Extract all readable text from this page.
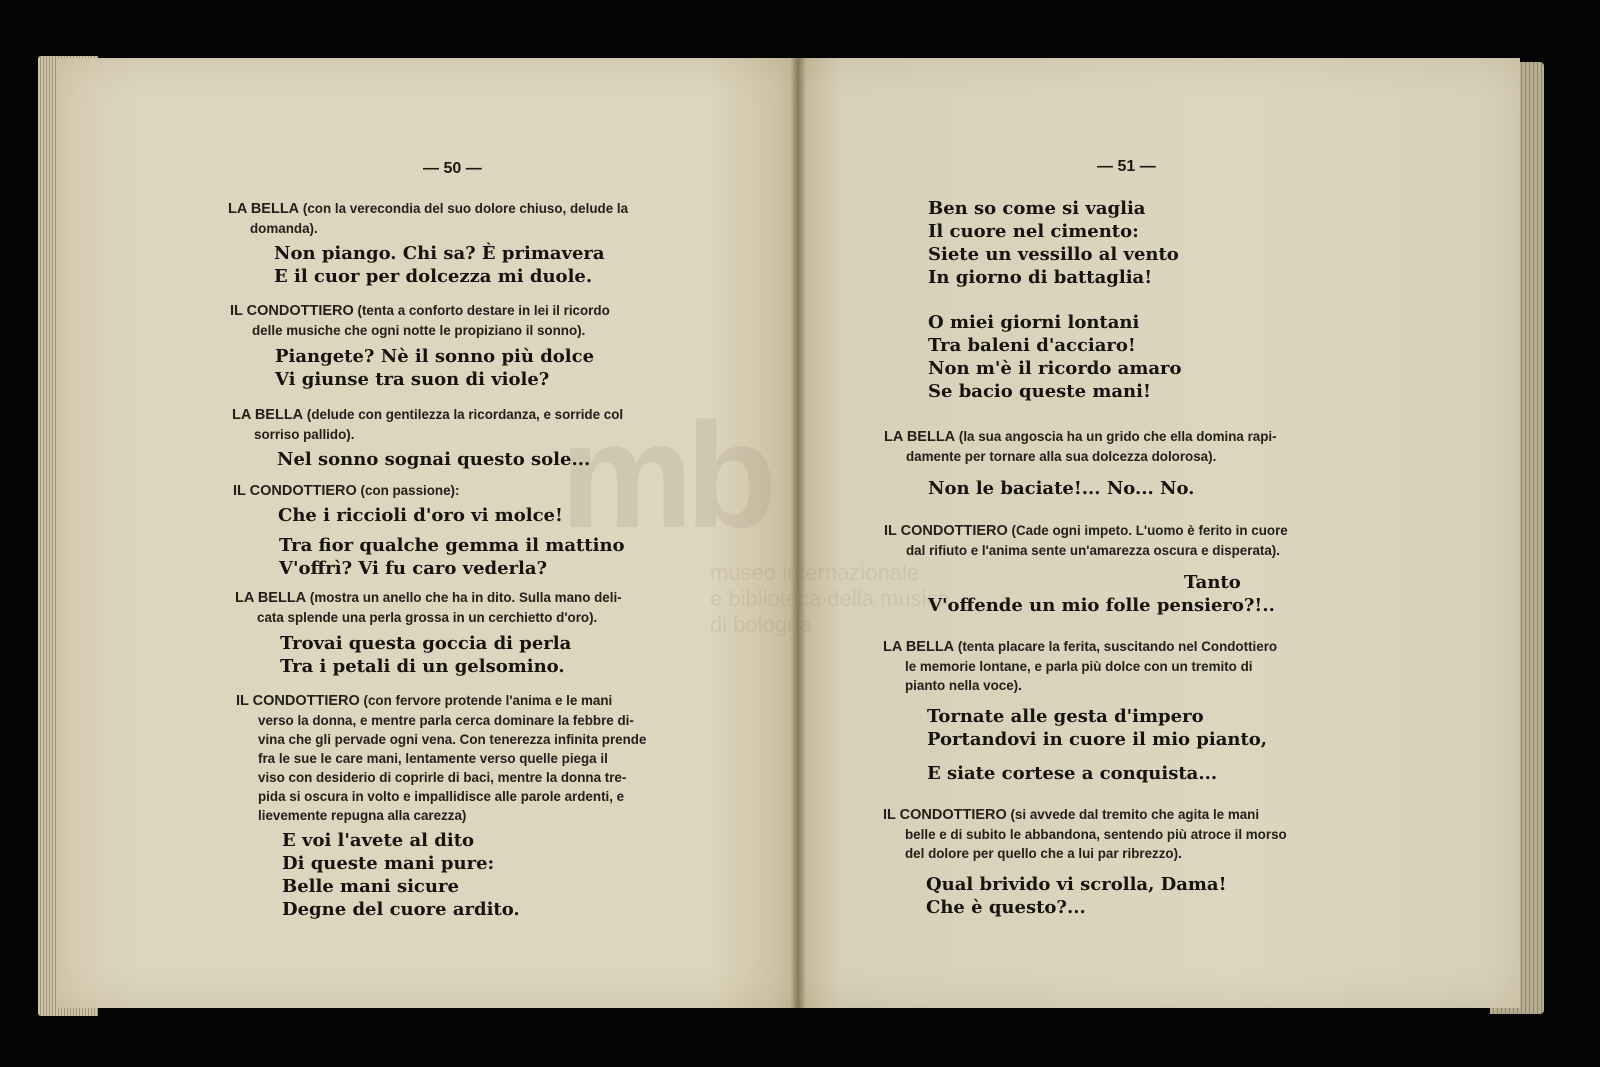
— 50 —	— 51 —
LA BELLA (con la verecondia del suo dolore chiuso, delude la
domanda).
Non piango. Chi sa? È primavera
E il cuor per dolcezza mi duole.
IL CONDOTTIERO (tenta a conforto destare in lei il ricordo
delle musiche che ogni notte le propiziano il sonno).
Piangete? Nè il sonno più dolce
Vi giunse tra suon di viole?
LA BELLA (delude con gentilezza la ricordanza, e sorride col
sorriso pallido).
Nel sonno sognai questo sole...
IL CONDOTTIERO (con passione):
Che i riccioli d'oro vi molce!
Tra fior qualche gemma il mattino
V'offrì? Vi fu caro vederla?
LA BELLA (mostra un anello che ha in dito. Sulla mano deli-
cata splende una perla grossa in un cerchietto d'oro).
Trovai questa goccia di perla
Tra i petali di un gelsomino.
IL CONDOTTIERO (con fervore protende l'anima e le mani
verso la donna, e mentre parla cerca dominare la febbre di-
vina che gli pervade ogni vena. Con tenerezza infinita prende
fra le sue le care mani, lentamente verso quelle piega il
viso con desiderio di coprirle di baci, mentre la donna tre-
pida si oscura in volto e impallidisce alle parole ardenti, e
lievemente repugna alla carezza)
E voi l'avete al dito
Di queste mani pure:
Belle mani sicure
Degne del cuore ardito.
Ben so come si vaglia
Il cuore nel cimento:
Siete un vessillo al vento
In giorno di battaglia!
O miei giorni lontani
Tra baleni d'acciaro!
Non m'è il ricordo amaro
Se bacio queste mani!
LA BELLA (la sua angoscia ha un grido che ella domina rapi-
damente per tornare alla sua dolcezza dolorosa).
Non le baciate!... No... No.
IL CONDOTTIERO (Cade ogni impeto. L'uomo è ferito in cuore
dal rifiuto e l'anima sente un'amarezza oscura e disperata).
Tanto
V'offende un mio folle pensiero?!..
LA BELLA (tenta placare la ferita, suscitando nel Condottiero
le memorie lontane, e parla più dolce con un tremito di
pianto nella voce).
Tornate alle gesta d'impero
Portandovi in cuore il mio pianto,
E siate cortese a conquista...
IL CONDOTTIERO (si avvede dal tremito che agita le mani
belle e di subito le abbandona, sentendo più atroce il morso
del dolore per quello che a lui par ribrezzo).
Qual brivido vi scrolla, Dama!
Che è questo?...
